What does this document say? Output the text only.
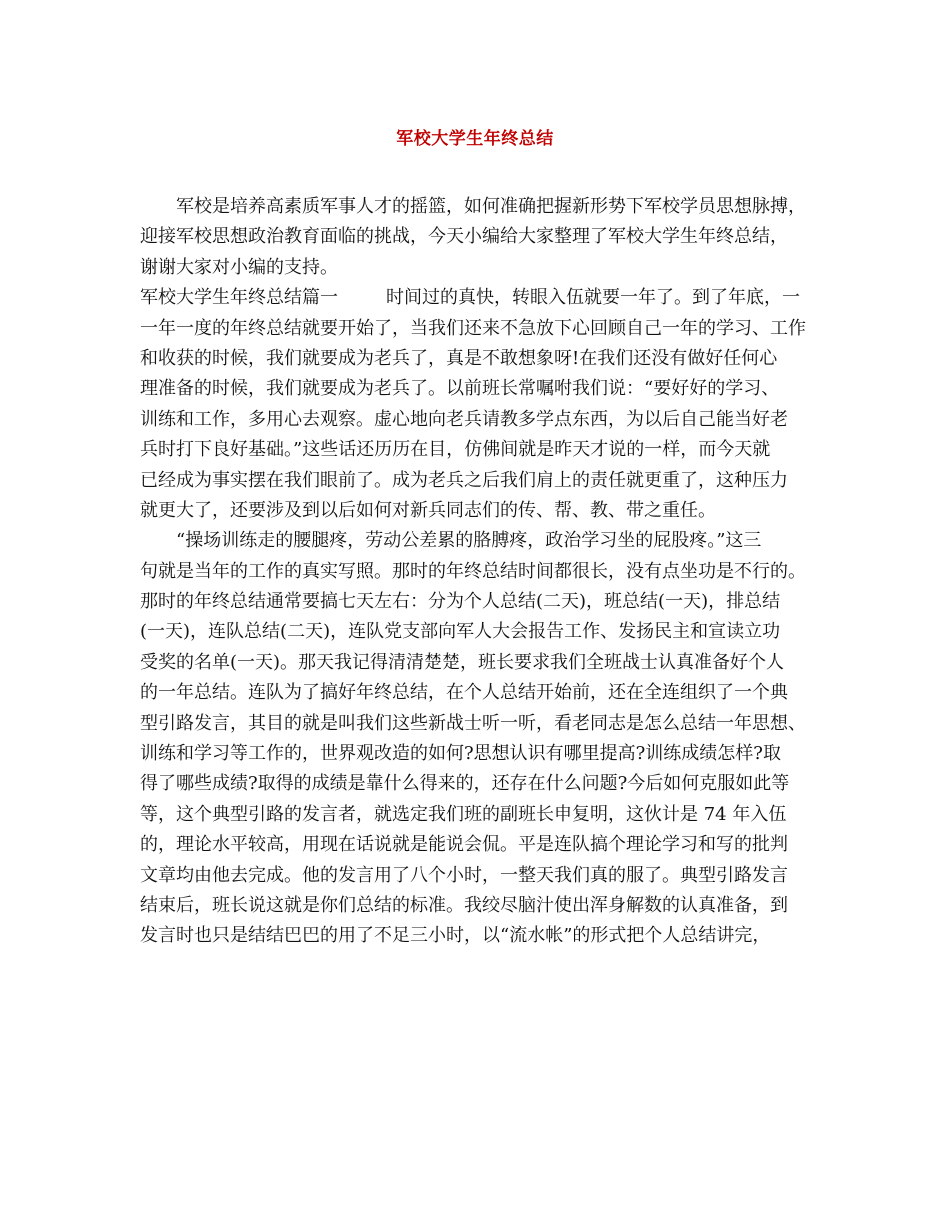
军校大学生年终总结
军校是培养高素质军事人才的摇篮，如何准确把握新形势下军校学员思想脉搏，
迎接军校思想政治教育面临的挑战，今天小编给大家整理了军校大学生年终总结，
谢谢大家对小编的支持。
军校大学生年终总结篇一	时间过的真快，转眼入伍就要一年了。到了年底，一
一年一度的年终总结就要开始了，当我们还来不急放下心回顾自己一年的学习、工作
和收获的时候，我们就要成为老兵了，真是不敢想象呀!在我们还没有做好任何心
理准备的时候，我们就要成为老兵了。以前班长常嘱咐我们说：“要好好的学习、
训练和工作，多用心去观察。虚心地向老兵请教多学点东西，为以后自己能当好老
兵时打下良好基础。”这些话还历历在目，仿佛间就是昨天才说的一样，而今天就
已经成为事实摆在我们眼前了。成为老兵之后我们肩上的责任就更重了，这种压力
就更大了，还要涉及到以后如何对新兵同志们的传、帮、教、带之重任。
“操场训练走的腰腿疼，劳动公差累的胳膊疼，政治学习坐的屁股疼。”这三
句就是当年的工作的真实写照。那时的年终总结时间都很长，没有点坐功是不行的。
那时的年终总结通常要搞七天左右：分为个人总结(二天)，班总结(一天)，排总结
(一天)，连队总结(二天)，连队党支部向军人大会报告工作、发扬民主和宣读立功
受奖的名单(一天)。那天我记得清清楚楚，班长要求我们全班战士认真准备好个人
的一年总结。连队为了搞好年终总结，在个人总结开始前，还在全连组织了一个典
型引路发言，其目的就是叫我们这些新战士听一听，看老同志是怎么总结一年思想、
训练和学习等工作的，世界观改造的如何?思想认识有哪里提高?训练成绩怎样?取
得了哪些成绩?取得的成绩是靠什么得来的，还存在什么问题?今后如何克服如此等
等，这个典型引路的发言者，就选定我们班的副班长申复明，这伙计是 74 年入伍
的，理论水平较高，用现在话说就是能说会侃。平是连队搞个理论学习和写的批判
文章均由他去完成。他的发言用了八个小时，一整天我们真的服了。典型引路发言
结束后，班长说这就是你们总结的标准。我绞尽脑汁使出浑身解数的认真准备，到
发言时也只是结结巴巴的用了不足三小时，以“流水帐”的形式把个人总结讲完，
